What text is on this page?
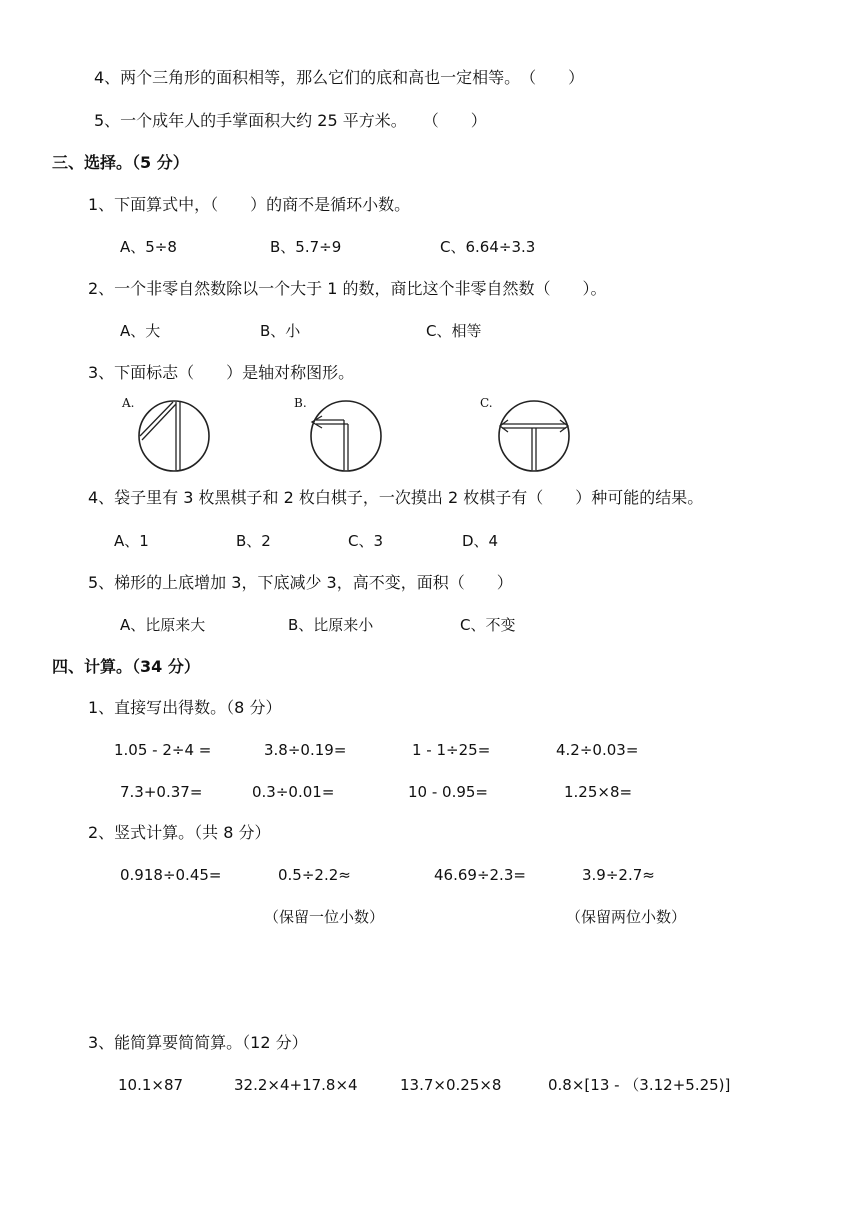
4、两个三角形的面积相等，那么它们的底和高也一定相等。　（　　）
5、一个成年人的手掌面积大约 25 平方米。　　（　　）
三、选择。（5 分）
1、下面算式中，（　　）的商不是循环小数。
A、5÷8	B、5.7÷9	C、6.64÷3.3
2、一个非零自然数除以一个大于 1 的数，商比这个非零自然数（　　）。
A、大	B、小	C、相等
3、下面标志（　　）是轴对称图形。
A.	B.	C.
4、袋子里有 3 枚黑棋子和 2 枚白棋子，一次摸出 2 枚棋子有（　　）种可能的结果。
A、1	B、2	C、3	D、4
5、梯形的上底增加 3，下底减少 3，高不变，面积（　　）
A、比原来大	B、比原来小	C、不变
四、计算。（34 分）
1、直接写出得数。（8 分）
1.05 - 2÷4 =	3.8÷0.19=	1 - 1÷25=	4.2÷0.03=
7.3+0.37=	0.3÷0.01=	10 - 0.95=	1.25×8=
2、竖式计算。（共 8 分）
0.918÷0.45=	0.5÷2.2≈	46.69÷2.3=	3.9÷2.7≈
（保留一位小数）	（保留两位小数）
3、能简算要简简算。（12 分）
10.1×87	32.2×4+17.8×4	13.7×0.25×8	0.8×[13 - （3.12+5.25)]
